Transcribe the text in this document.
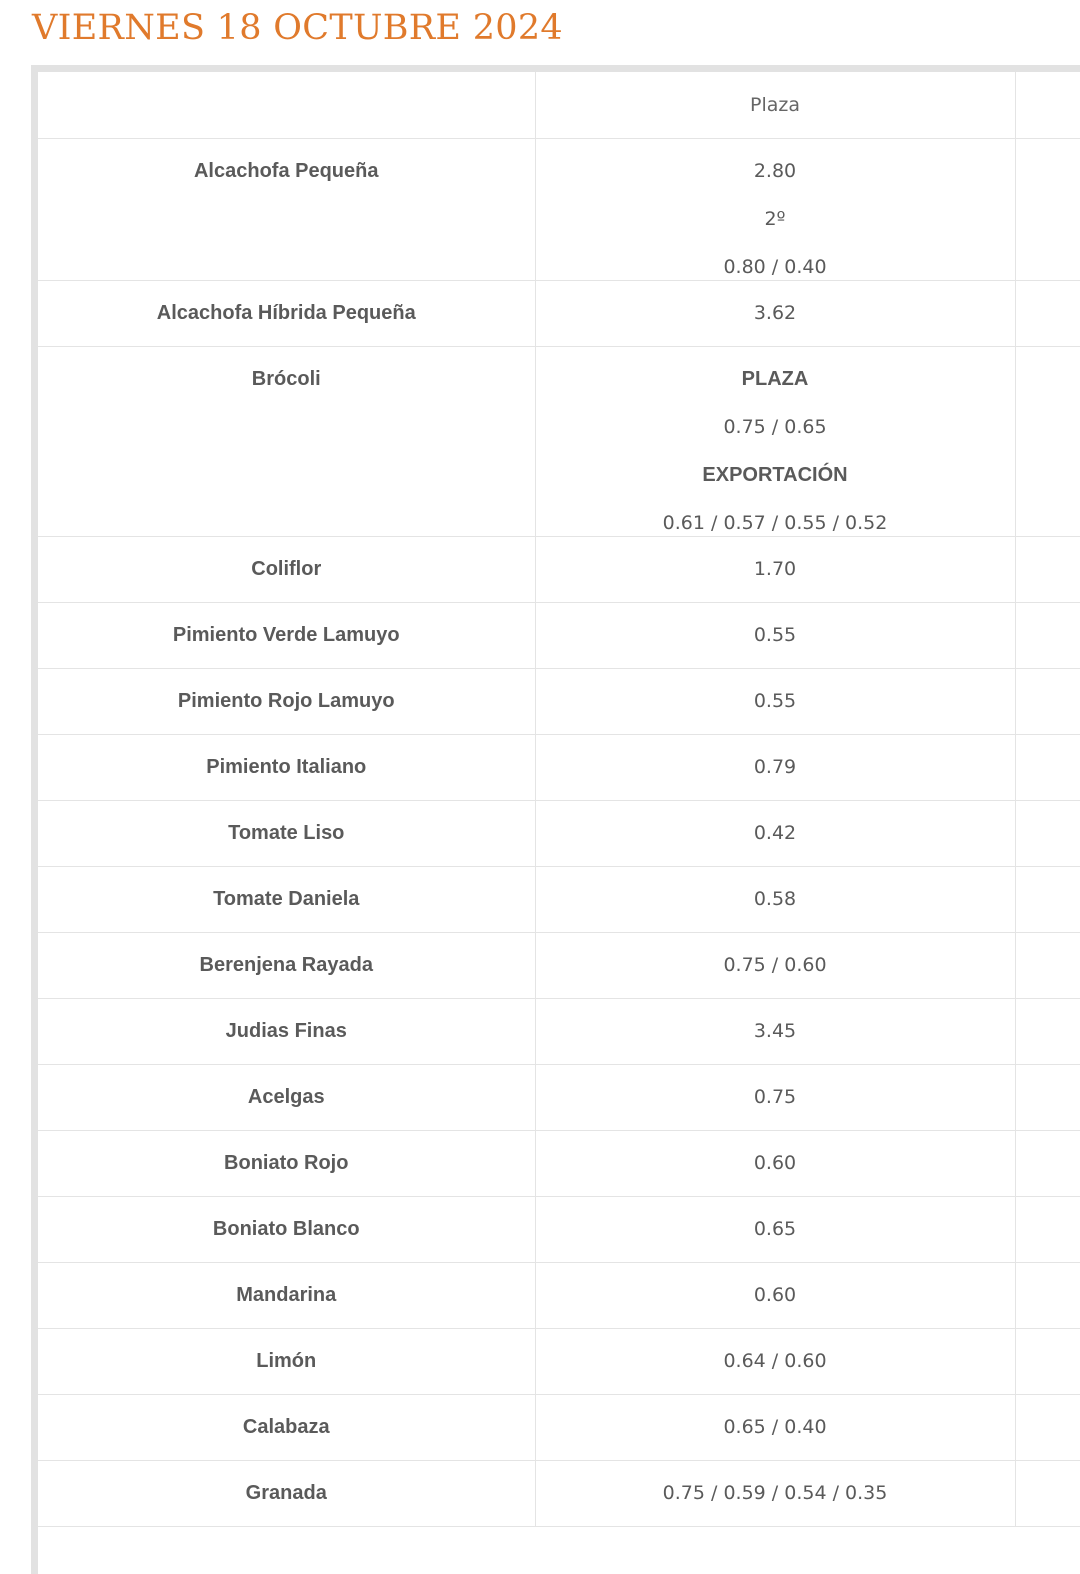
VIERNES 18 OCTUBRE 2024
	Plaza	
Alcachofa Pequeña	2.80
2º
0.80 / 0.40	

Alcachofa Híbrida Pequeña	3.62	

Brócoli	PLAZA
0.75 / 0.65
EXPORTACIÓN
0.61 / 0.57 / 0.55 / 0.52	

Coliflor	1.70	

Pimiento Verde Lamuyo	0.55	

Pimiento Rojo Lamuyo	0.55	

Pimiento Italiano	0.79	

Tomate Liso	0.42	

Tomate Daniela	0.58	

Berenjena Rayada	0.75 / 0.60	

Judias Finas	3.45	

Acelgas	0.75	

Boniato Rojo	0.60	

Boniato Blanco	0.65	

Mandarina	0.60	

Limón	0.64 / 0.60	

Calabaza	0.65 / 0.40	

Granada	0.75 / 0.59 / 0.54 / 0.35	
